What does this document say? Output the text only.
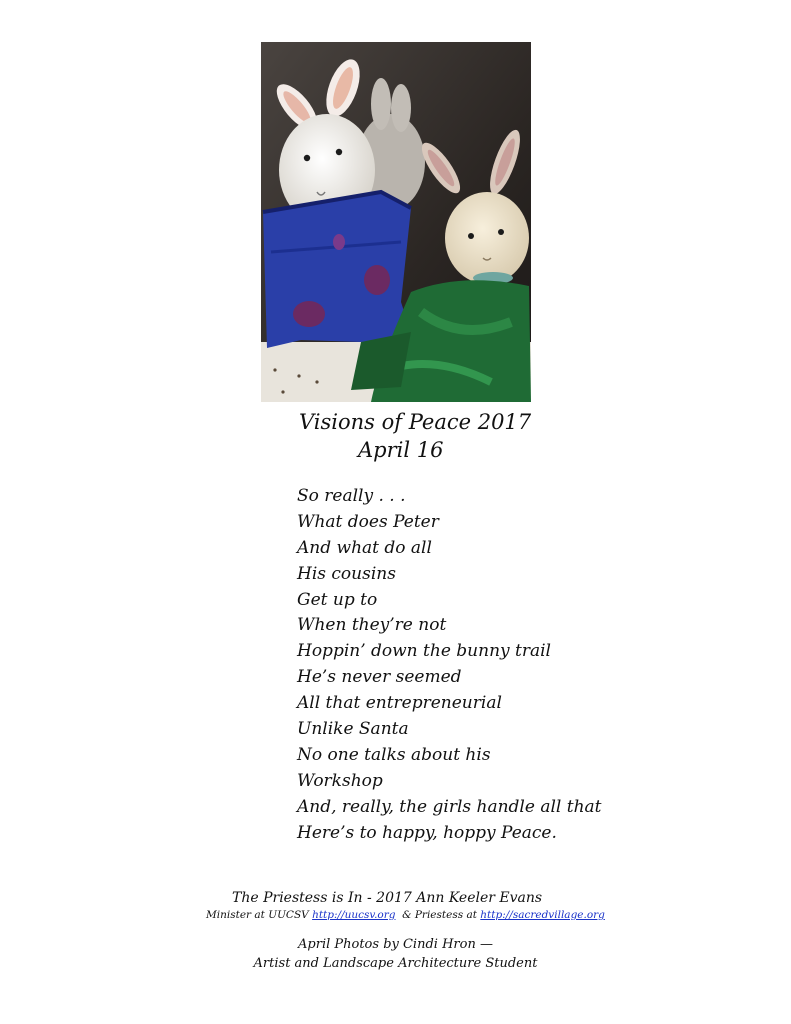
Visions of Peace 2017
April 16
So really . . .
What does Peter
And what do all
His cousins
Get up to
When they’re not
Hoppin’ down the bunny trail
He’s never seemed
All that entrepreneurial
Unlike Santa
No one talks about his
Workshop
And, really, the girls handle all that
Here’s to happy, hoppy Peace.
The Priestess is In - 2017 Ann Keeler Evans
Minister at UUCSV http://uucsv.org  & Priestess at http://sacredvillage.org
April Photos by Cindi Hron —
Artist and Landscape Architecture Student
